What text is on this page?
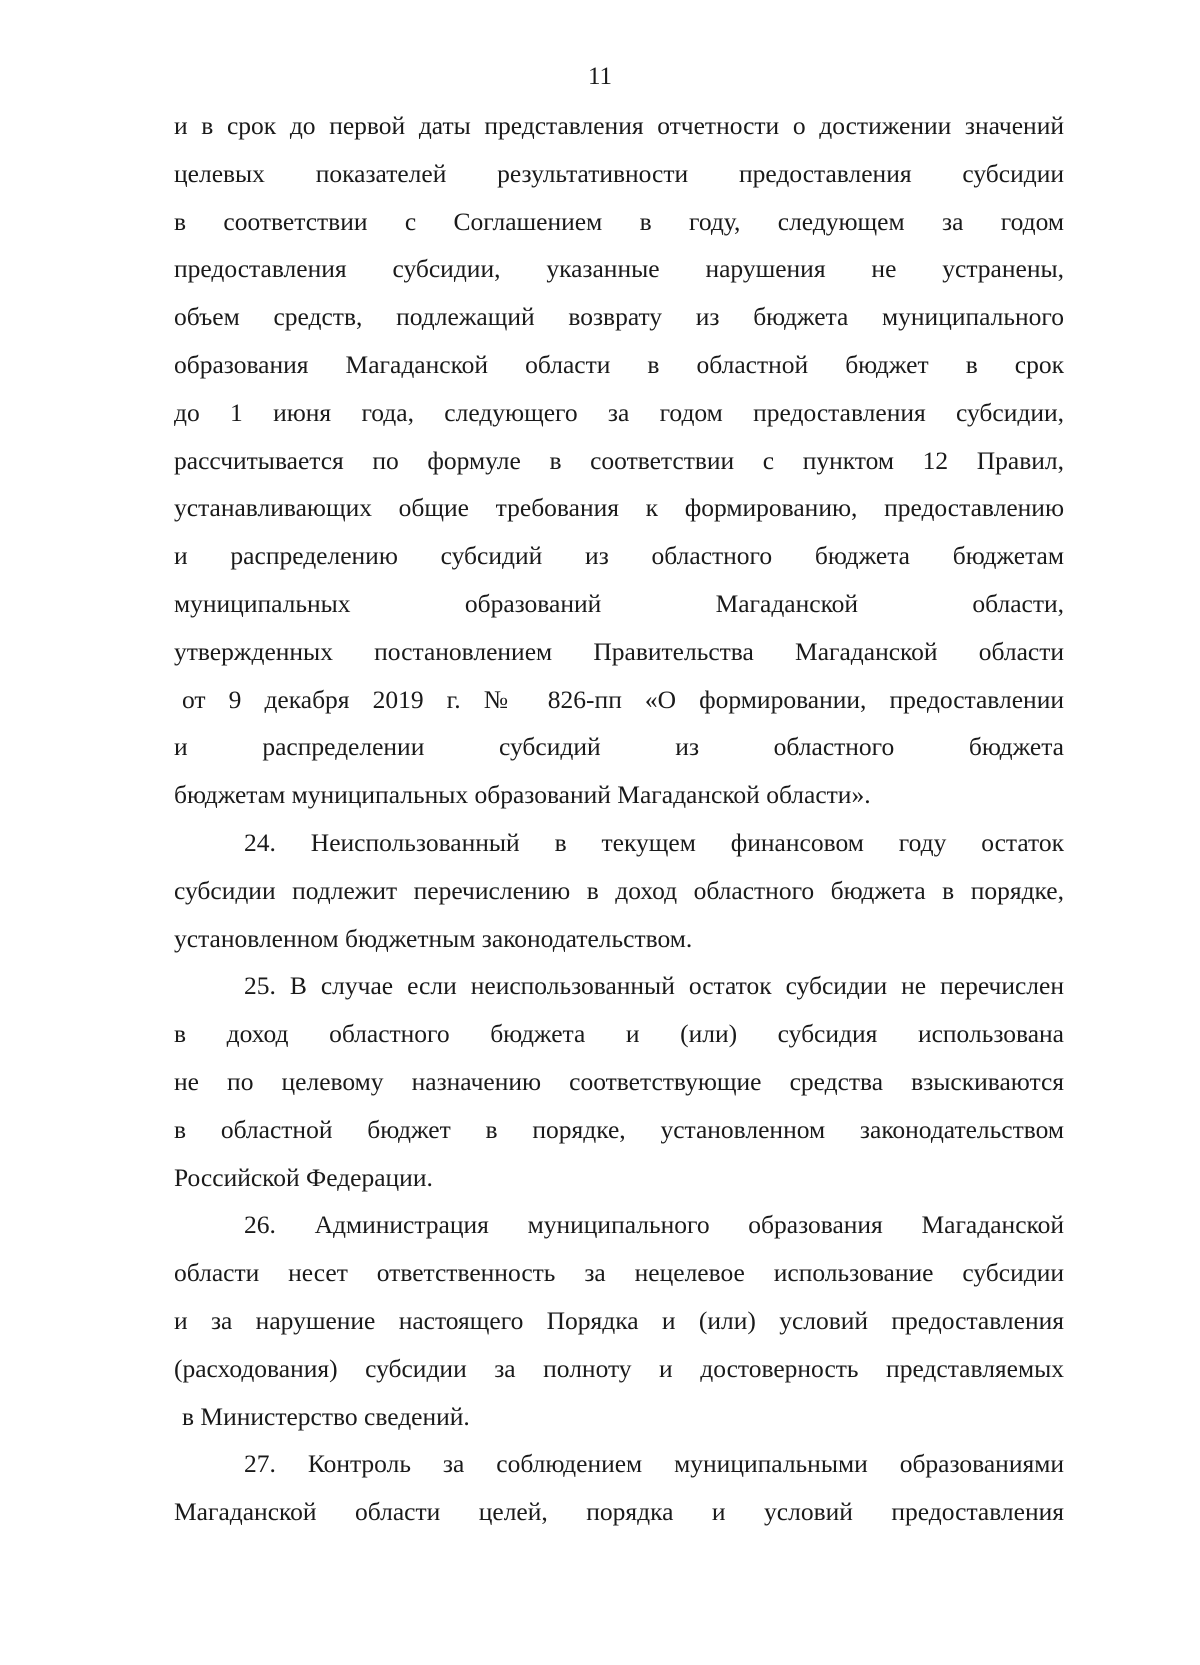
11
и в срок до первой даты представления отчетности о достижении значений
целевых показателей результативности предоставления субсидии
в соответствии с Соглашением в году, следующем за годом
предоставления субсидии, указанные нарушения не устранены,
объем средств, подлежащий возврату из бюджета муниципального
образования Магаданской области в областной бюджет в срок
до 1 июня года, следующего за годом предоставления субсидии,
рассчитывается по формуле в соответствии с пунктом 12 Правил,
устанавливающих общие требования к формированию, предоставлению
и распределению субсидий из областного бюджета бюджетам
муниципальных образований Магаданской области,
утвержденных постановлением Правительства Магаданской области
от 9 декабря 2019 г. № 826-пп «О формировании, предоставлении
и распределении субсидий из областного бюджета
бюджетам муниципальных образований Магаданской области».
24. Неиспользованный в текущем финансовом году остаток
субсидии подлежит перечислению в доход областного бюджета в порядке,
установленном бюджетным законодательством.
25. В случае если неиспользованный остаток субсидии не перечислен
в доход областного бюджета и (или) субсидия использована
не по целевому назначению соответствующие средства взыскиваются
в областной бюджет в порядке, установленном законодательством
Российской Федерации.
26. Администрация муниципального образования Магаданской
области несет ответственность за нецелевое использование субсидии
и за нарушение настоящего Порядка и (или) условий предоставления
(расходования) субсидии за полноту и достоверность представляемых
в Министерство сведений.
27. Контроль за соблюдением муниципальными образованиями
Магаданской области целей, порядка и условий предоставления
